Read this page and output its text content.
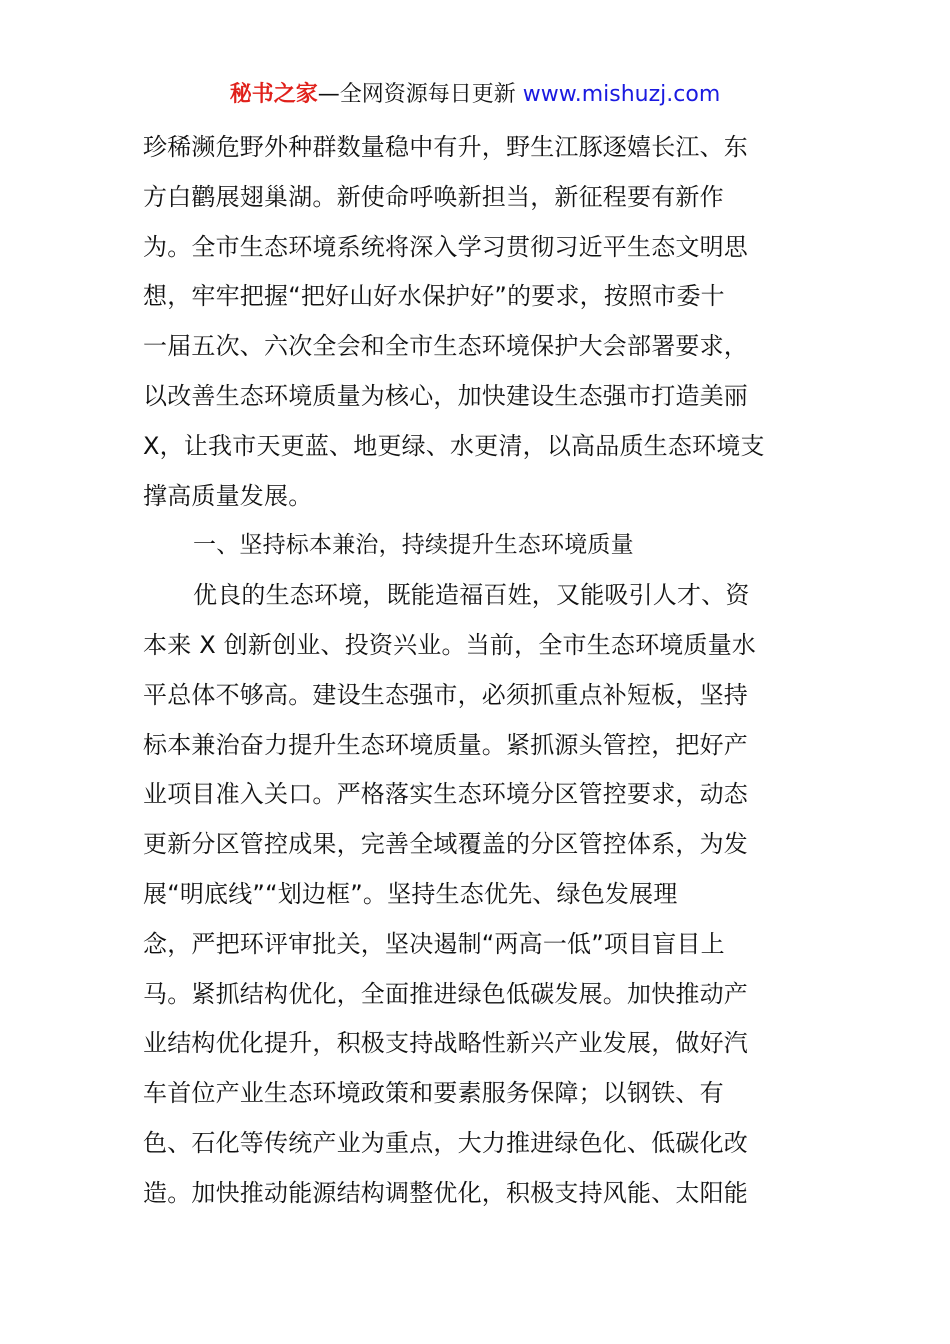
秘书之家—全网资源每日更新 www.mishuzj.com
珍稀濒危野外种群数量稳中有升，野生江豚逐嬉长江、东
方白鹳展翅巢湖。新使命呼唤新担当，新征程要有新作
为。全市生态环境系统将深入学习贯彻习近平生态文明思
想，牢牢把握“把好山好水保护好”的要求，按照市委十
一届五次、六次全会和全市生态环境保护大会部署要求，
以改善生态环境质量为核心，加快建设生态强市打造美丽
X，让我市天更蓝、地更绿、水更清，以高品质生态环境支
撑高质量发展。
一、坚持标本兼治，持续提升生态环境质量
优良的生态环境，既能造福百姓，又能吸引人才、资
本来 X 创新创业、投资兴业。当前，全市生态环境质量水
平总体不够高。建设生态强市，必须抓重点补短板，坚持
标本兼治奋力提升生态环境质量。紧抓源头管控，把好产
业项目准入关口。严格落实生态环境分区管控要求，动态
更新分区管控成果，完善全域覆盖的分区管控体系，为发
展“明底线”“划边框”。坚持生态优先、绿色发展理
念，严把环评审批关，坚决遏制“两高一低”项目盲目上
马。紧抓结构优化，全面推进绿色低碳发展。加快推动产
业结构优化提升，积极支持战略性新兴产业发展，做好汽
车首位产业生态环境政策和要素服务保障；以钢铁、有
色、石化等传统产业为重点，大力推进绿色化、低碳化改
造。加快推动能源结构调整优化，积极支持风能、太阳能
